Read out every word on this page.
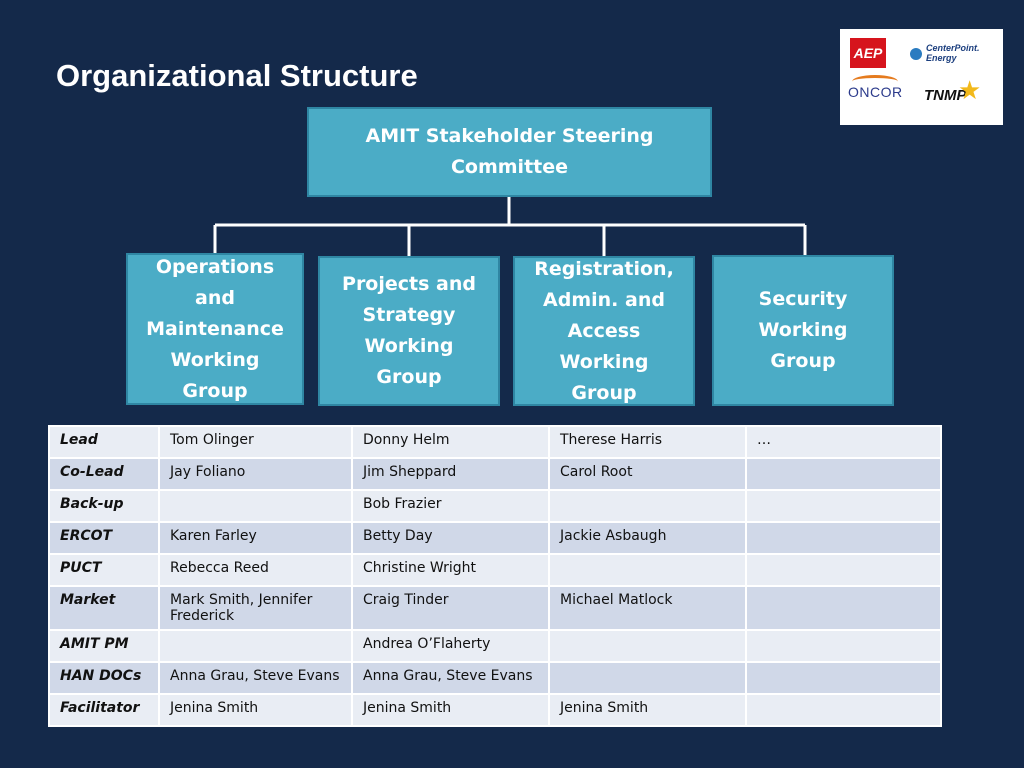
Organizational Structure
AEP	CenterPoint. Energy
ONCOR TNMP
★
AMIT Stakeholder Steering Committee
Operations and Maintenance Working Group
Projects and Strategy Working Group
Registration, Admin. and Access Working Group
Security Working Group
Lead	Tom Olinger	Donny Helm	Therese Harris	…
Co-Lead	Jay Foliano	Jim Sheppard	Carol Root	
Back-up		Bob Frazier		
ERCOT	Karen Farley	Betty Day	Jackie Asbaugh	
PUCT	Rebecca Reed	Christine Wright		
Market	Mark Smith, Jennifer Frederick	Craig Tinder	Michael Matlock	
AMIT PM		Andrea O’Flaherty		
HAN DOCs	Anna Grau, Steve Evans	Anna Grau, Steve Evans		
Facilitator	Jenina Smith	Jenina Smith	Jenina Smith	
